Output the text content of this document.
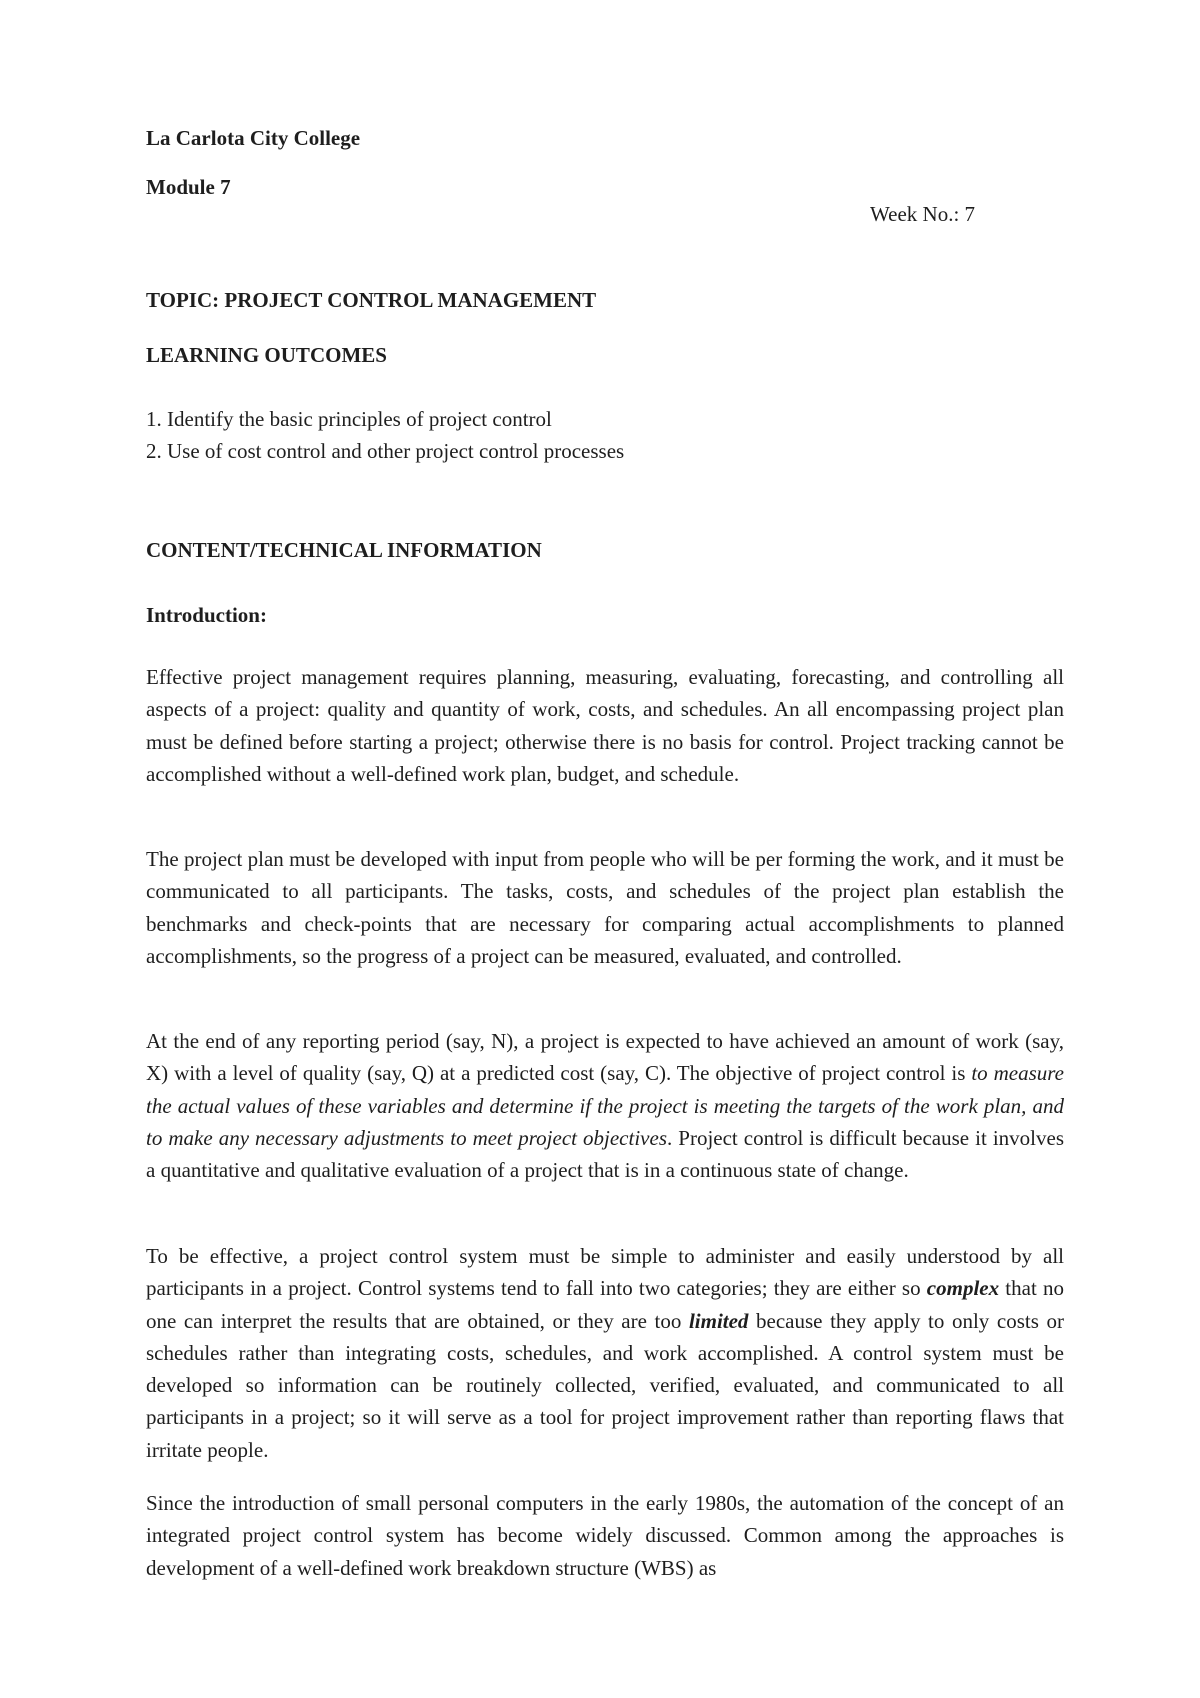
La Carlota City College

Module 7

Week No.: 7

TOPIC: PROJECT CONTROL MANAGEMENT

LEARNING OUTCOMES

1. Identify the basic principles of project control

2. Use of cost control and other project control processes

CONTENT/TECHNICAL INFORMATION

Introduction:

Effective project management requires planning, measuring, evaluating, forecasting, and controlling all aspects of a project: quality and quantity of work, costs, and schedules. An all encompassing project plan must be defined before starting a project; otherwise there is no basis for control. Project tracking cannot be accomplished without a well-defined work plan, budget, and schedule.

The project plan must be developed with input from people who will be per forming the work, and it must be communicated to all participants. The tasks, costs, and schedules of the project plan establish the benchmarks and check-points that are necessary for comparing actual accomplishments to planned accomplishments, so the progress of a project can be measured, evaluated, and controlled.

At the end of any reporting period (say, N), a project is expected to have achieved an amount of work (say, X) with a level of quality (say, Q) at a predicted cost (say, C). The objective of project control is to measure the actual values of these variables and determine if the project is meeting the targets of the work plan, and to make any necessary adjustments to meet project objectives. Project control is difficult because it involves a quantitative and qualitative evaluation of a project that is in a continuous state of change.

To be effective, a project control system must be simple to administer and easily understood by all participants in a project. Control systems tend to fall into two categories; they are either so complex that no one can interpret the results that are obtained, or they are too limited because they apply to only costs or schedules rather than integrating costs, schedules, and work accomplished. A control system must be developed so information can be routinely collected, verified, evaluated, and communicated to all participants in a project; so it will serve as a tool for project improvement rather than reporting flaws that irritate people.

Since the introduction of small personal computers in the early 1980s, the automation of the concept of an integrated project control system has become widely discussed. Common among the approaches is development of a well-defined work breakdown structure (WBS) as
